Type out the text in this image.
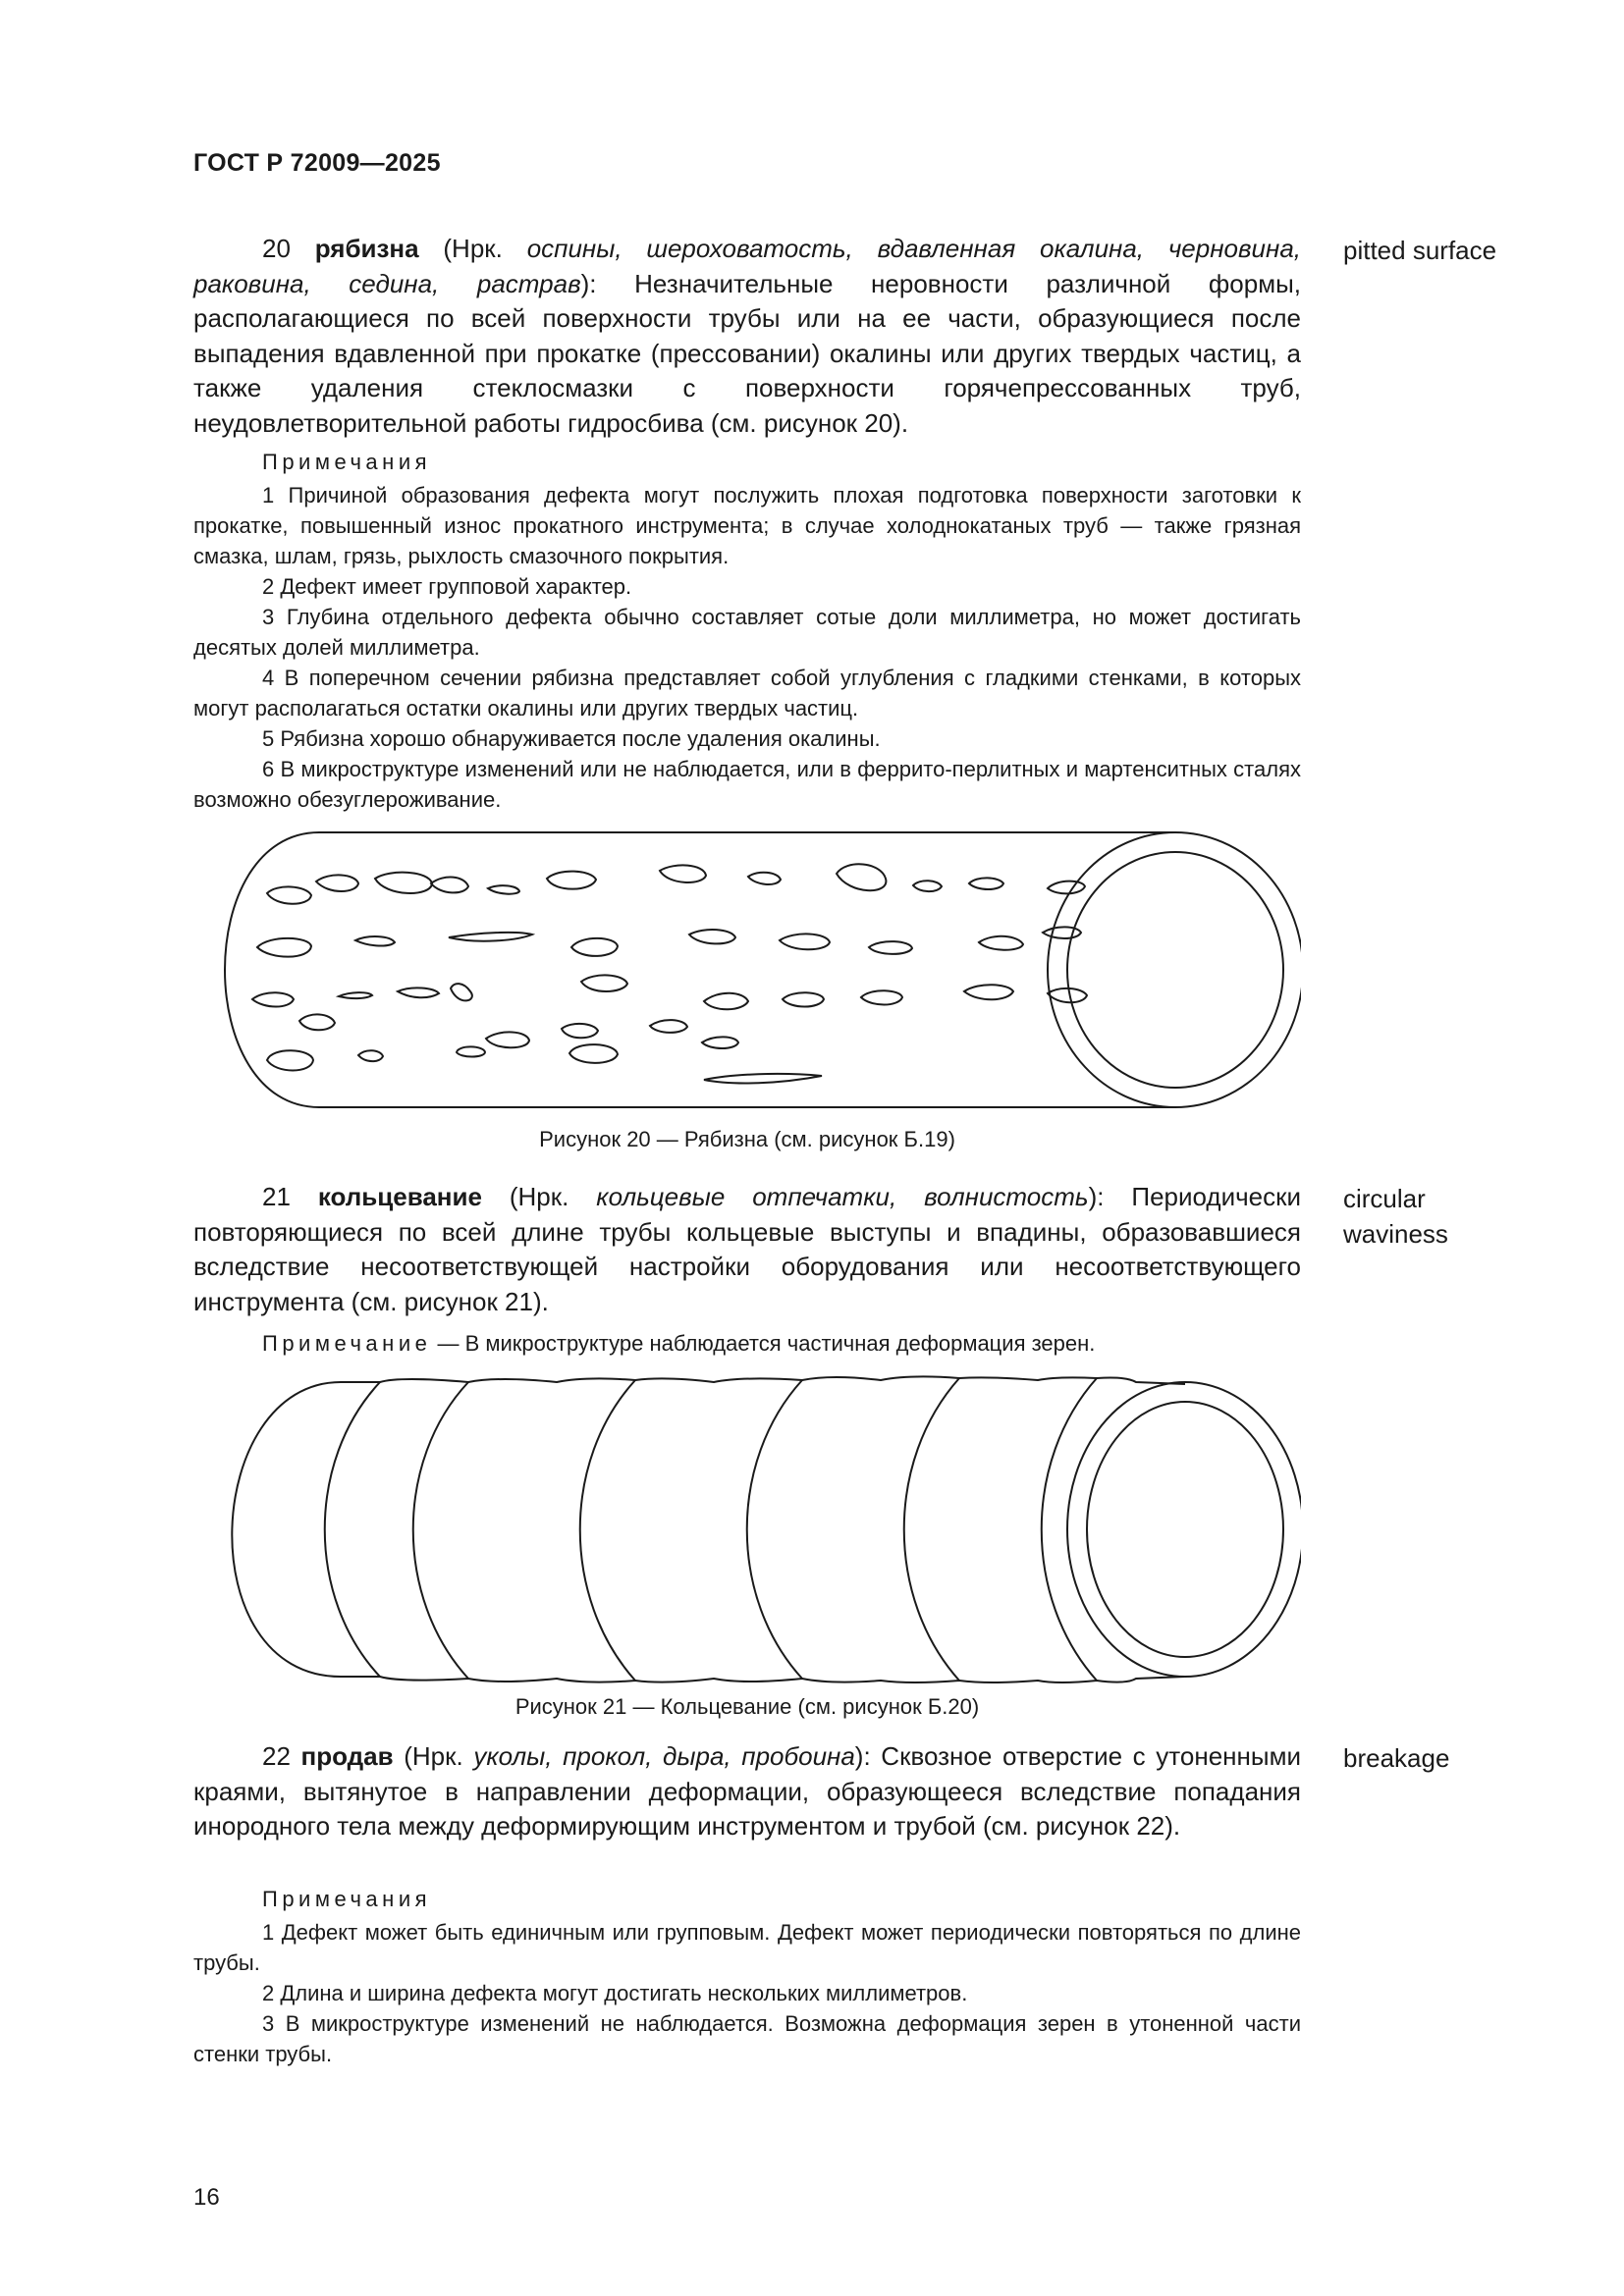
ГОСТ Р 72009—2025

20 рябизна (Нрк. оспины, шероховатость, вдавленная окалина, черновина, раковина, седина, растрав): Незначительные неровности различной формы, располагающиеся по всей поверхности трубы или на ее части, образующиеся после выпадения вдавленной при прокатке (прессовании) окалины или других твердых частиц, а также удаления стеклосмазки с поверхности горячепрессованных труб, неудовлетворительной работы гидросбива (см. рисунок 20).

pitted surface
Примечания

1 Причиной образования дефекта могут послужить плохая подготовка поверхности заготовки к прокатке, повышенный износ прокатного инструмента; в случае холоднокатаных труб — также грязная смазка, шлам, грязь, рыхлость смазочного покрытия.

2 Дефект имеет групповой характер.

3 Глубина отдельного дефекта обычно составляет сотые доли миллиметра, но может достигать десятых долей миллиметра.

4 В поперечном сечении рябизна представляет собой углубления с гладкими стенками, в которых могут располагаться остатки окалины или других твердых частиц.

5 Рябизна хорошо обнаруживается после удаления окалины.

6 В микроструктуре изменений или не наблюдается, или в феррито-перлитных и мартенситных сталях возможно обезуглероживание.

Рисунок 20 — Рябизна (см. рисунок Б.19)

21 кольцевание (Нрк. кольцевые отпечатки, волнистость): Периодически повторяющиеся по всей длине трубы кольцевые выступы и впадины, образовавшиеся вследствие несоответствующей настройки оборудования или несоответствующего инструмента (см. рисунок 21).

circular
waviness
Примечание — В микроструктуре наблюдается частичная деформация зерен.
Рисунок 21 — Кольцевание (см. рисунок Б.20)

22 продав (Нрк. уколы, прокол, дыра, пробоина): Сквозное отверстие с утоненными краями, вытянутое в направлении деформации, образующееся вследствие попадания инородного тела между деформирующим инструментом и трубой (см. рисунок 22).

breakage
Примечания

1 Дефект может быть единичным или групповым. Дефект может периодически повторяться по длине трубы.

2 Длина и ширина дефекта могут достигать нескольких миллиметров.

3 В микроструктуре изменений не наблюдается. Возможна деформация зерен в утоненной части стенки трубы.

16
